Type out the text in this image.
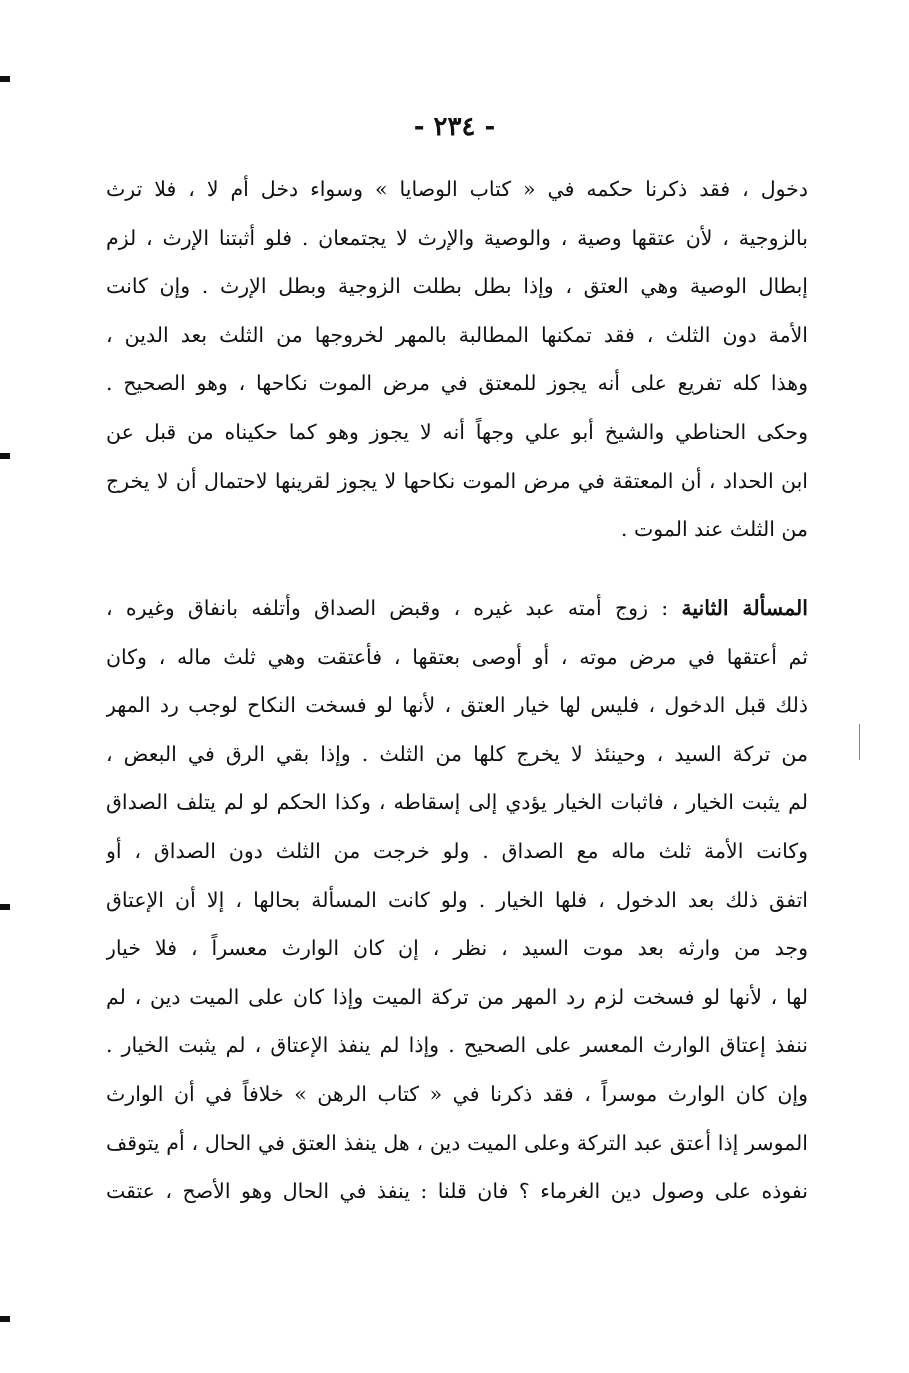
- ٢٣٤ -
دخول ، فقد ذكرنا حكمه في « كتاب الوصايا » وسواء دخل أم لا ، فلا ترث
بالزوجية ، لأن عتقها وصية ، والوصية والإرث لا يجتمعان . فلو أثبتنا الإرث ، لزم
إبطال الوصية وهي العتق ، وإذا بطل بطلت الزوجية وبطل الإرث . وإن كانت
الأمة دون الثلث ، فقد تمكنها المطالبة بالمهر لخروجها من الثلث بعد الدين ،
وهذا كله تفريع على أنه يجوز للمعتق في مرض الموت نكاحها ، وهو الصحيح .
وحكى الحناطي والشيخ أبو علي وجهاً أنه لا يجوز وهو كما حكيناه من قبل عن
ابن الحداد ، أن المعتقة في مرض الموت نكاحها لا يجوز لقرينها لاحتمال أن لا يخرج
من الثلث عند الموت .
المسألة الثانية : زوج أمته عبد غيره ، وقبض الصداق وأتلفه بانفاق وغيره ،
ثم أعتقها في مرض موته ، أو أوصى بعتقها ، فأعتقت وهي ثلث ماله ، وكان
ذلك قبل الدخول ، فليس لها خيار العتق ، لأنها لو فسخت النكاح لوجب رد المهر
من تركة السيد ، وحينئذ لا يخرج كلها من الثلث . وإذا بقي الرق في البعض ،
لم يثبت الخيار ، فاثبات الخيار يؤدي إلى إسقاطه ، وكذا الحكم لو لم يتلف الصداق
وكانت الأمة ثلث ماله مع الصداق . ولو خرجت من الثلث دون الصداق ، أو
اتفق ذلك بعد الدخول ، فلها الخيار . ولو كانت المسألة بحالها ، إلا أن الإعتاق
وجد من وارثه بعد موت السيد ، نظر ، إن كان الوارث معسراً ، فلا خيار
لها ، لأنها لو فسخت لزم رد المهر من تركة الميت وإذا كان على الميت دين ، لم
ننفذ إعتاق الوارث المعسر على الصحيح . وإذا لم ينفذ الإعتاق ، لم يثبت الخيار .
وإن كان الوارث موسراً ، فقد ذكرنا في « كتاب الرهن » خلافاً في أن الوارث
الموسر إذا أعتق عبد التركة وعلى الميت دين ، هل ينفذ العتق في الحال ، أم يتوقف
نفوذه على وصول دين الغرماء ؟ فان قلنا : ينفذ في الحال وهو الأصح ، عتقت
